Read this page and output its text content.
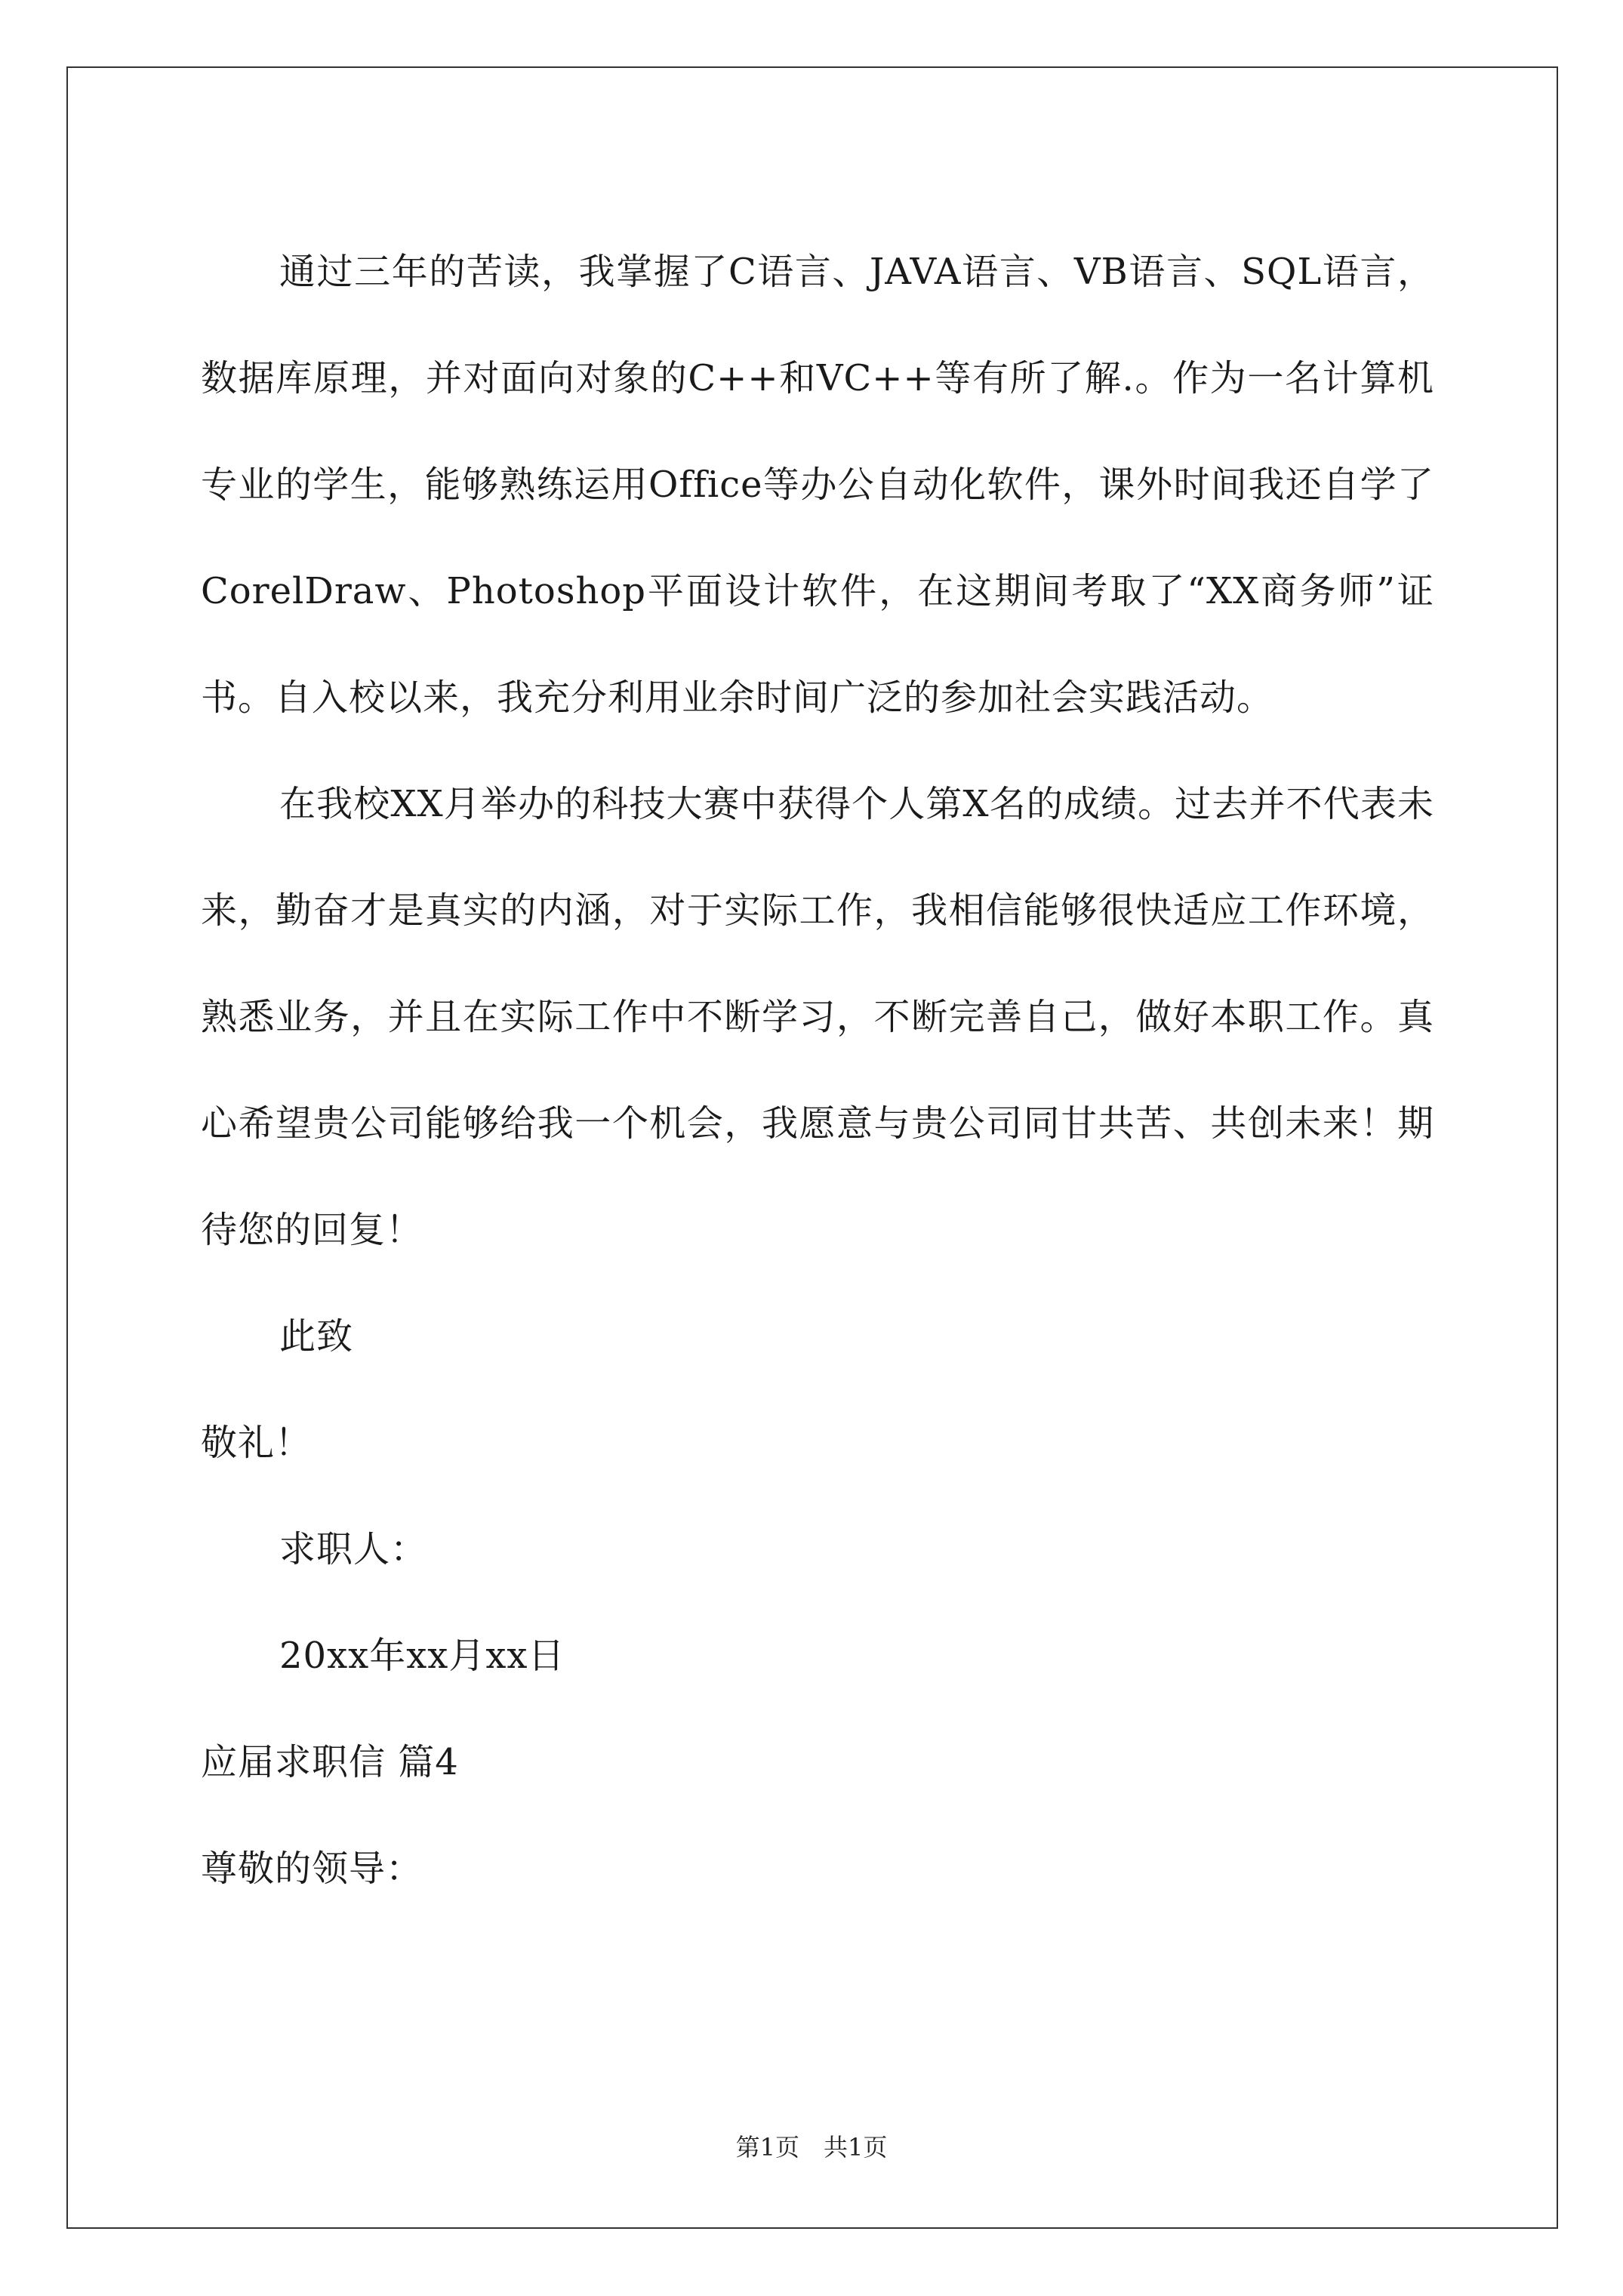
通过三年的苦读，我掌握了C语言、JAVA语言、VB语言、SQL语言，数据库原理，并对面向对象的C++和VC++等有所了解.。作为一名计算机专业的学生，能够熟练运用Office等办公自动化软件，课外时间我还自学了CorelDraw、Photoshop平面设计软件，在这期间考取了“XX商务师”证书。自入校以来，我充分利用业余时间广泛的参加社会实践活动。

在我校XX月举办的科技大赛中获得个人第X名的成绩。过去并不代表未来，勤奋才是真实的内涵，对于实际工作，我相信能够很快适应工作环境，熟悉业务，并且在实际工作中不断学习，不断完善自己，做好本职工作。真心希望贵公司能够给我一个机会，我愿意与贵公司同甘共苦、共创未来！期待您的回复！

此致

敬礼！

求职人：

20xx年xx月xx日

应届求职信 篇4

尊敬的领导：

第1页　共1页
